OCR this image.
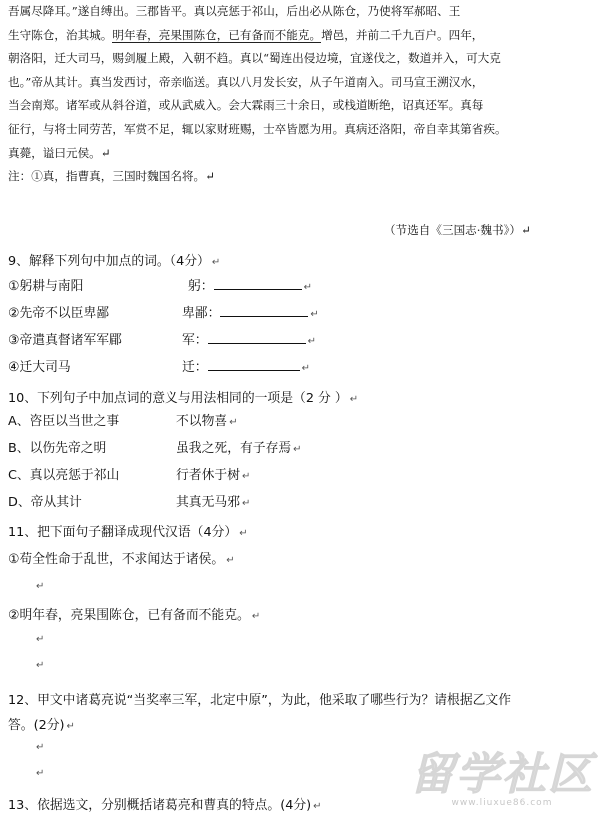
吾属尽降耳。”遂自缚出。三郡皆平。真以亮惩于祁山，后出必从陈仓，乃使将军郝昭、王
生守陈仓，治其城。明年春，亮果围陈仓，已有备而不能克。增邑，并前二千九百户。四年，
朝洛阳，迁大司马，赐剑履上殿，入朝不趋。真以“蜀连出侵边境，宜遂伐之，数道并入，可大克
也。”帝从其计。真当发西讨，帝亲临送。真以八月发长安，从子午道南入。司马宣王溯汉水，
当会南郑。诸军或从斜谷道，或从武威入。会大霖雨三十余日，或栈道断绝，诏真还军。真每
征行，与将士同劳苦，军赏不足，辄以家财班赐，士卒皆愿为用。真病还洛阳，帝自幸其第省疾。
真薨，谥曰元侯。↵
注：①真，指曹真，三国时魏国名将。↵
（节选自《三国志·魏书》）↵
9、解释下列句中加点的词。（4分） ↵
①躬耕与南阳	躬：	↵
②先帝不以臣卑鄙	卑鄙：	↵
③帝遣真督诸军军郿	军：	↵
④迁大司马	迁：	↵
10、下列句子中加点词的意义与用法相同的一项是（2 分 ） ↵
A、咨臣以当世之事	不以物喜 ↵
B、以伤先帝之明	虽我之死，有子存焉 ↵
C、真以亮惩于祁山	行者休于树 ↵
D、帝从其计	其真无马邪 ↵
11、把下面句子翻译成现代汉语（4分） ↵
①苟全性命于乱世，不求闻达于诸侯。 ↵
↵
②明年春，亮果围陈仓，已有备而不能克。 ↵
↵
↵
12、甲文中诸葛亮说“当奖率三军，北定中原”，为此，他采取了哪些行为？请根据乙文作
答。(2分) ↵
↵
↵
13、依据选文，分别概括诸葛亮和曹真的特点。(4分) ↵
留学社区
www.liuxue86.com
